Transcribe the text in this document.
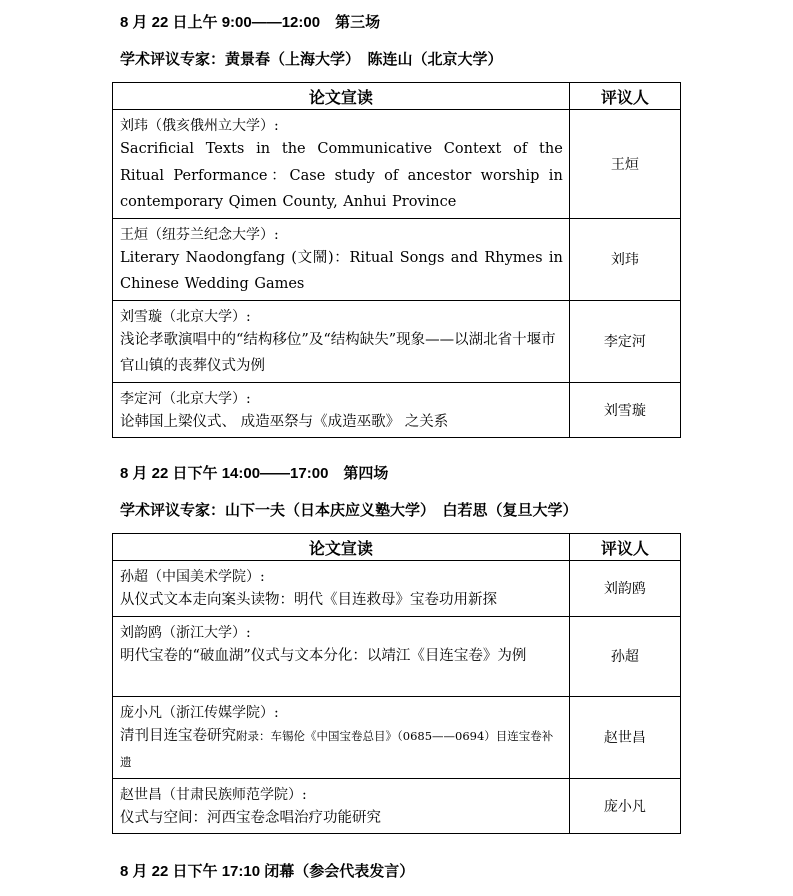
8 月 22 日上午 9:00——12:00　第三场
学术评议专家：黄景春（上海大学）　陈连山（北京大学）
论文宣读	评议人

刘玮（俄亥俄州立大学）:
Sacrificial Texts in the Communicative Context of the Ritual Performance：Case study of ancestor worship in contemporary Qimen County, Anhui Province	王烜

王烜（纽芬兰纪念大学）:
Literary Naodongfang (文鬧)：Ritual Songs and Rhymes in Chinese Wedding Games	刘玮

刘雪璇（北京大学）:
浅论孝歌演唱中的“结构移位”及“结构缺失”现象——以湖北省十堰市官山镇的丧葬仪式为例	李定河

李定河（北京大学）:
论韩国上梁仪式、 成造巫祭与《成造巫歌》 之关系	刘雪璇
8 月 22 日下午 14:00——17:00　第四场
学术评议专家：山下一夫（日本庆应义塾大学）　白若思（复旦大学）
论文宣读	评议人

孙超（中国美术学院）:
从仪式文本走向案头读物：明代《目连救母》宝卷功用新探	刘韵鸥

刘韵鸥（浙江大学）:
明代宝卷的“破血湖”仪式与文本分化：以靖江《目连宝卷》为例	孙超

庞小凡（浙江传媒学院）:
清刊目连宝卷研究附录：车锡伦《中国宝卷总目》（0685——0694）目连宝卷补遗	赵世昌

赵世昌（甘肃民族师范学院）:
仪式与空间：河西宝卷念唱治疗功能研究	庞小凡
8 月 22 日下午 17:10 闭幕（参会代表发言）
